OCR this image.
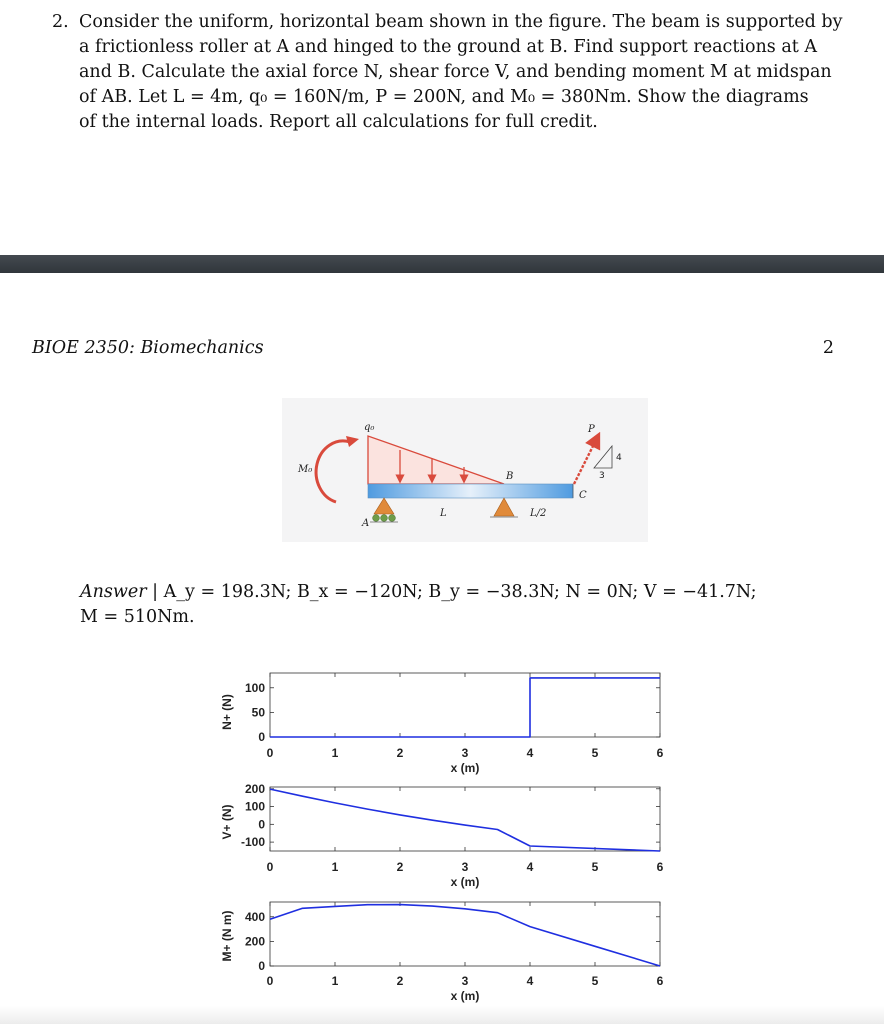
2. Consider the uniform, horizontal beam shown in the figure. The beam is supported by
a frictionless roller at A and hinged to the ground at B. Find support reactions at A
and B. Calculate the axial force N, shear force V, and bending moment M at midspan
of AB. Let L = 4m, q₀ = 160N/m, P = 200N, and M₀ = 380Nm. Show the diagrams
of the internal loads. Report all calculations for full credit.
BIOE 2350: Biomechanics	2
q₀
M₀
A
B
L	L/2
C
P
4
3
Answer | A_y = 198.3N; B_x = −120N; B_y = −38.3N; N = 0N; V = −41.7N;
M = 510Nm.
0	1	2	3	4	5	6
100
50
0
x (m)
N+ (N)
0	1	2	3	4	5	6
200
100
0
-100
x (m)
V+ (N)
0	1	2	3	4	5	6
400
200
0
x (m)
M+ (N m)
